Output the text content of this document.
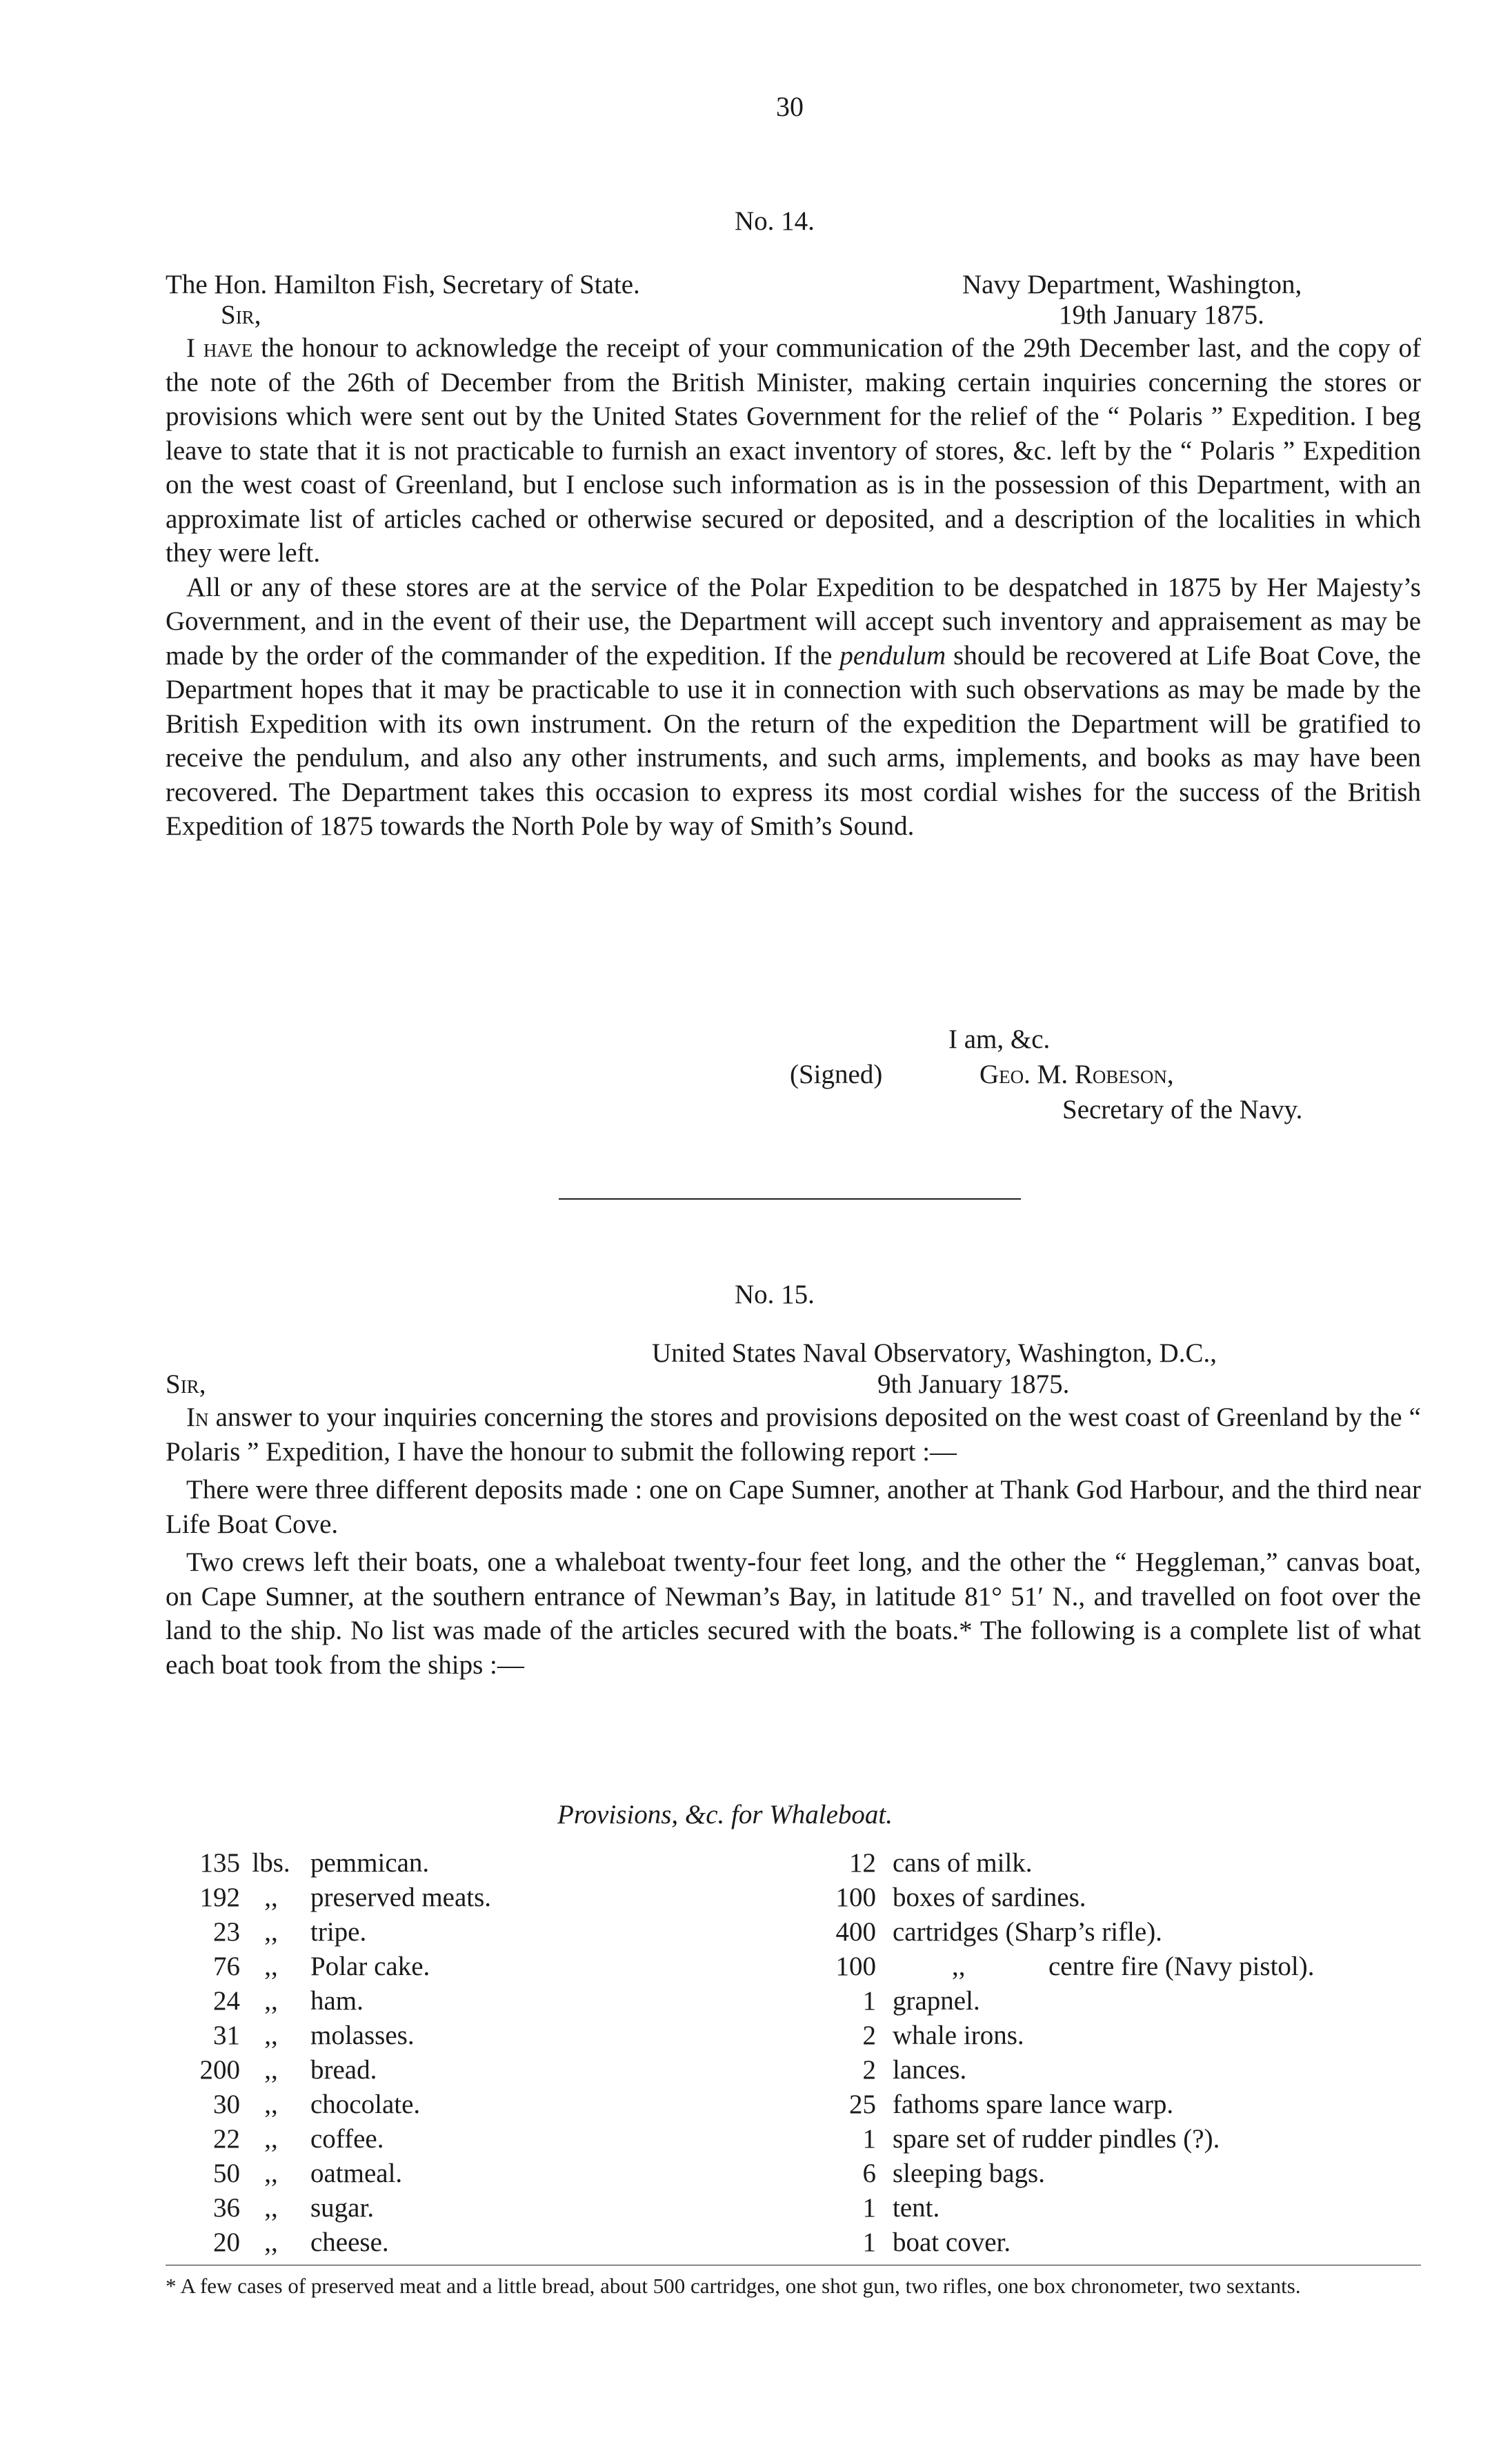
30
No. 14.
The Hon. Hamilton Fish, Secretary of State.	Navy Department, Washington,
Sir,	19th January 1875.

I have the honour to acknowledge the receipt of your communication of the 29th December last, and the copy of the note of the 26th of December from the British Minister, making certain inquiries concerning the stores or provisions which were sent out by the United States Government for the relief of the “ Polaris ” Expedition. I beg leave to state that it is not practicable to furnish an exact inventory of stores, &c. left by the “ Polaris ” Expedition on the west coast of Greenland, but I enclose such information as is in the possession of this Department, with an approximate list of articles cached or otherwise secured or deposited, and a description of the localities in which they were left.

All or any of these stores are at the service of the Polar Expedition to be despatched in 1875 by Her Majesty’s Government, and in the event of their use, the Department will accept such inventory and appraisement as may be made by the order of the commander of the expedition. If the pendulum should be recovered at Life Boat Cove, the Department hopes that it may be practicable to use it in connection with such observations as may be made by the British Expedition with its own instrument. On the return of the expedition the Department will be gratified to receive the pendulum, and also any other instruments, and such arms, implements, and books as may have been recovered. The Department takes this occasion to express its most cordial wishes for the success of the British Expedition of 1875 towards the North Pole by way of Smith’s Sound.

I am, &c.
(Signed)	Geo. M. Robeson,
Secretary of the Navy.
No. 15.
United States Naval Observatory, Washington, D.C.,
Sir,	9th January 1875.

In answer to your inquiries concerning the stores and provisions deposited on the west coast of Greenland by the “ Polaris ” Expedition, I have the honour to submit the following report :—

There were three different deposits made : one on Cape Sumner, another at Thank God Harbour, and the third near Life Boat Cove.

Two crews left their boats, one a whaleboat twenty-four feet long, and the other the “ Heggleman,” canvas boat, on Cape Sumner, at the southern entrance of Newman’s Bay, in latitude 81° 51′ N., and travelled on foot over the land to the ship. No list was made of the articles secured with the boats.* The following is a complete list of what each boat took from the ships :—

Provisions, &c. for Whaleboat.
135 lbs. pemmican.
192 ,,	preserved meats.
23 ,,	tripe.
76 ,,	Polar cake.
24 ,,	ham.
31 ,,	molasses.
200 ,,	bread.
30 ,,	chocolate.
22 ,,	coffee.
50 ,,	oatmeal.
36 ,,	sugar.
20 ,,	cheese.
12 cans of milk.
100 boxes of sardines.
400 cartridges (Sharp’s rifle).
100	,,	centre fire (Navy pistol).
1 grapnel.
2 whale irons.
2 lances.
25 fathoms spare lance warp.
1 spare set of rudder pindles (?).
6 sleeping bags.
1 tent.
1 boat cover.
* A few cases of preserved meat and a little bread, about 500 cartridges, one shot gun, two rifles, one box chronometer, two sextants.
